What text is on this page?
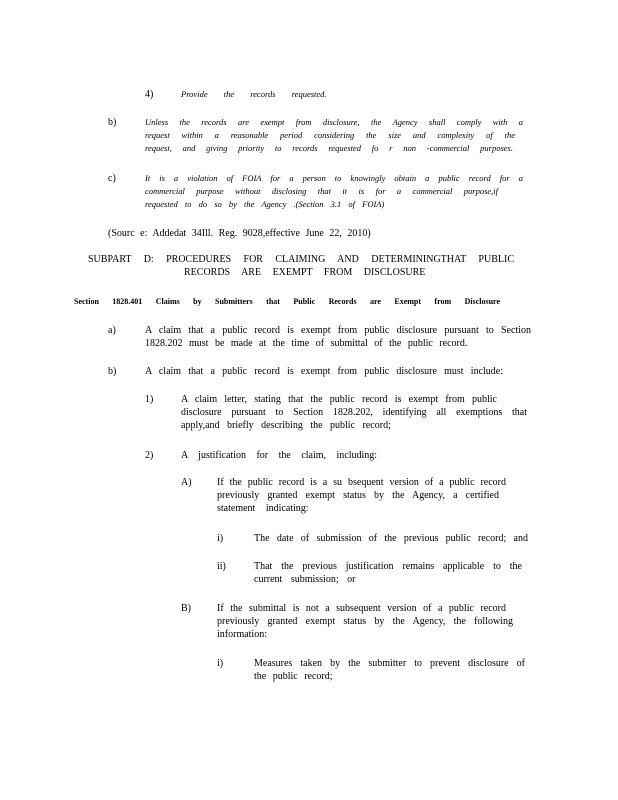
4)	Provide the records requested.
b)	Unless the records are exempt from disclosure, the Agency shall comply with a
request within a reasonable period considering the size and complexity of the
request, and giving priority to records requested fo r non -commercial purposes.
c)	It is a violation of FOIA for a person to knowingly obtain a public record for a
commercial purpose without disclosing that it is for a commercial purpose,if
requested to do so by the Agency .(Section 3.1 of FOIA)
(Sourc e: Addedat 34Ill. Reg. 9028,effective June 22, 2010)
SUBPART D: PROCEDURES FOR CLAIMING AND DETERMININGTHAT PUBLIC
RECORDS ARE EXEMPT FROM DISCLOSURE
Section 1828.401 Claims by Submitters that Public Records are Exempt from Disclosure
a)	A claim that a public record is exempt from public disclosure pursuant to Section
1828.202 must be made at the time of submittal of the public record.
b)	A claim that a public record is exempt from public disclosure must include:
1)	A claim letter, stating that the public record is exempt from public
disclosure pursuant to Section 1828.202, identifying all exemptions that
apply,and briefly describing the public record;
2)	A justification for the claim, including:
A)	If the public record is a su bsequent version of a public record
previously granted exempt status by the Agency, a certified
statement indicating:
i)	The date of submission of the previous public record; and
ii)	That the previous justification remains applicable to the
current submission; or
B)	If the submittal is not a subsequent version of a public record
previously granted exempt status by the Agency, the following
information:
i)	Measures taken by the submitter to prevent disclosure of
the public record;
